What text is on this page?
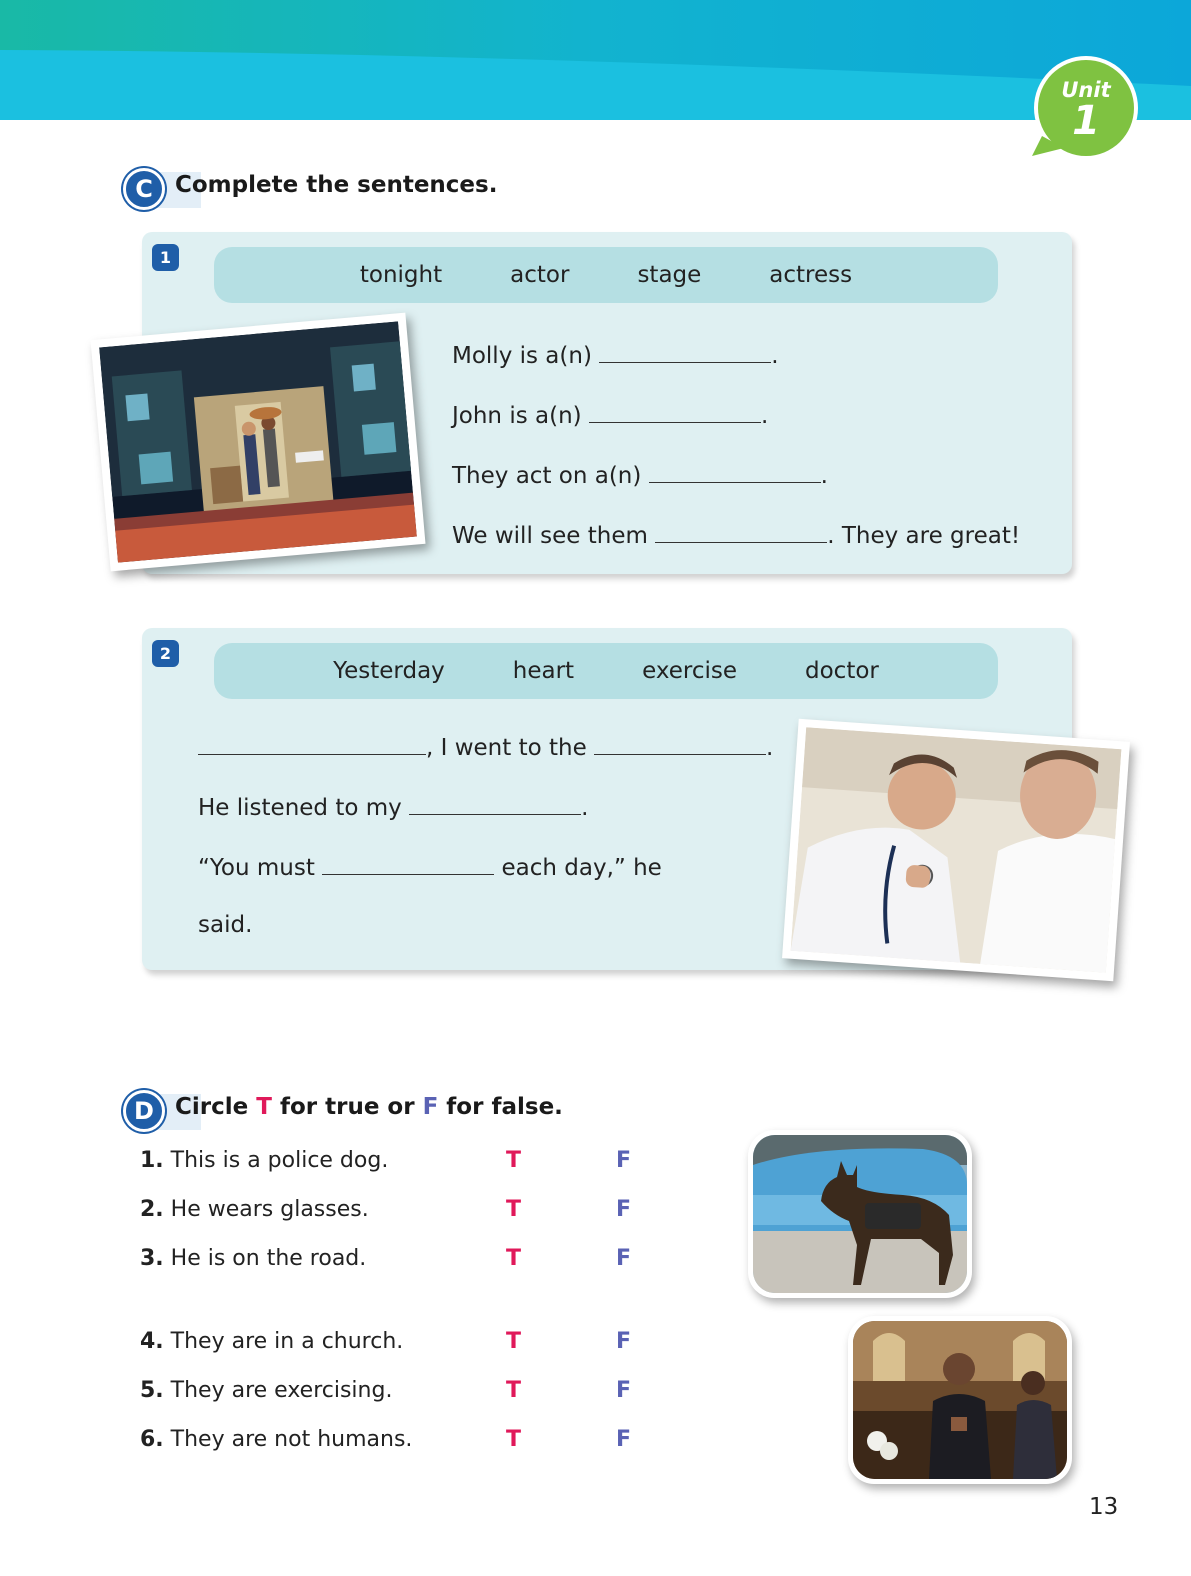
Unit
1
C Complete the sentences.
1
tonight	actor	stage	actress
Molly is a(n)	.
John is a(n)	.
They act on a(n)	.
We will see them	. They are great!
2
Yesterday	heart	exercise	doctor
, I went to the	.
He listened to my	.
“You must	each day,” he
said.
D Circle T for true or F for false.
1. This is a police dog.	T	F
2. He wears glasses.	T	F
3. He is on the road.	T	F
4. They are in a church.	T	F
5. They are exercising.	T	F
6. They are not humans.	T	F
13
